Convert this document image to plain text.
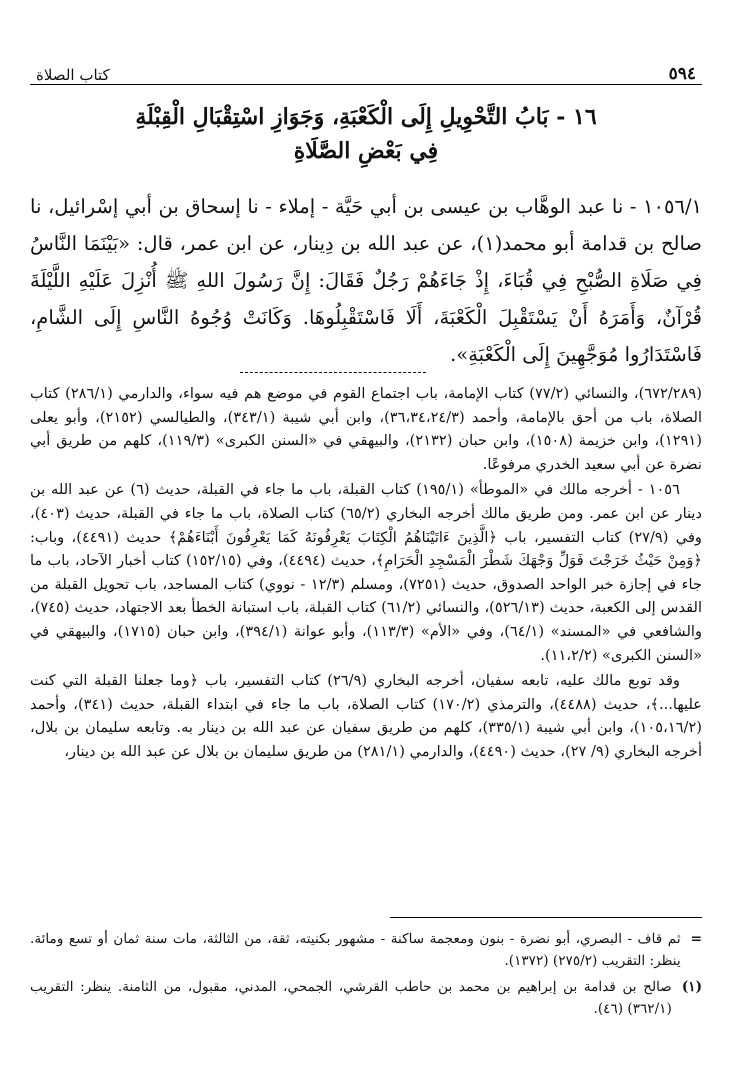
٥٩٤
كتاب الصلاة
١٦ - بَابُ التَّحْوِيلِ إِلَى الْكَعْبَةِ، وَجَوَازِ اسْتِقْبَالِ الْقِبْلَةِ
فِي بَعْضِ الصَّلَاةِ
١٠٥٦/١ - نا عبد الوهَّاب بن عيسى بن أبي حَيَّة - إملاء - نا إسحاق بن أبي إسْرائيل، نا صالح بن قدامة أبو محمد(١)، عن عبد الله بن دِينار، عن ابن عمر، قال: «بَيْنَمَا النَّاسُ فِي صَلَاةِ الصُّبْحِ فِي قُبَاءَ، إِذْ جَاءَهُمْ رَجُلٌ فَقَالَ: إِنَّ رَسُولَ اللهِ ﷺ أُنْزِلَ عَلَيْهِ اللَّيْلَةَ قُرْآنٌ، وَأَمَرَهُ أَنْ يَسْتَقْبِلَ الْكَعْبَةَ، أَلَا فَاسْتَقْبِلُوهَا. وَكَانَتْ وُجُوهُ النَّاسِ إِلَى الشَّامِ، فَاسْتَدَارُوا مُوَجَّهِينَ إِلَى الْكَعْبَةِ».

(٦٧٢/٢٨٩)، والنسائي (٧٧/٢) كتاب الإمامة، باب اجتماع القوم في موضع هم فيه سواء، والدارمي (٢٨٦/١) كتاب الصلاة، باب من أحق بالإمامة، وأحمد (٣٦،٣٤،٢٤/٣)، وابن أبي شيبة (٣٤٣/١)، والطيالسي (٢١٥٢)، وأبو يعلى (١٢٩١)، وابن خزيمة (١٥٠٨)، وابن حبان (٢١٣٢)، والبيهقي في «السنن الكبرى» (١١٩/٣)، كلهم من طريق أبي نضرة عن أبي سعيد الخدري مرفوعًا.

١٠٥٦ - أخرجه مالك في «الموطأ» (١٩٥/١) كتاب القبلة، باب ما جاء في القبلة، حديث (٦) عن عبد الله بن دينار عن ابن عمر. ومن طريق مالك أخرجه البخاري (٦٥/٢) كتاب الصلاة، باب ما جاء في القبلة، حديث (٤٠٣)، وفي (٢٧/٩) كتاب التفسير، باب ﴿الَّذِينَ ءَاتَيْنَاهُمُ الْكِتَابَ يَعْرِفُونَهُ كَمَا يَعْرِفُونَ أَبْنَاءَهُمْ﴾ حديث (٤٤٩١)، وباب: ﴿وَمِنْ حَيْثُ خَرَجْتَ فَوَلِّ وَجْهَكَ شَطْرَ الْمَسْجِدِ الْحَرَامِ﴾، حديث (٤٤٩٤)، وفي (١٥٢/١٥) كتاب أخبار الآحاد، باب ما جاء في إجازة خبر الواحد الصدوق، حديث (٧٢٥١)، ومسلم (١٢/٣ - نووي) كتاب المساجد، باب تحويل القبلة من القدس إلى الكعبة، حديث (٥٢٦/١٣)، والنسائي (٦١/٢) كتاب القبلة، باب استبانة الخطأ بعد الاجتهاد، حديث (٧٤٥)، والشافعي في «المسند» (٦٤/١)، وفي «الأم» (١١٣/٣)، وأبو عوانة (٣٩٤/١)، وابن حبان (١٧١٥)، والبيهقي في «السنن الكبرى» (١١،٢/٢).

وقد توبع مالك عليه، تابعه سفيان، أخرجه البخاري (٢٦/٩) كتاب التفسير، باب ﴿وما جعلنا القبلة التي كنت عليها...﴾، حديث (٤٤٨٨)، والترمذي (١٧٠/٢) كتاب الصلاة، باب ما جاء في ابتداء القبلة، حديث (٣٤١)، وأحمد (١٠٥،١٦/٢)، وابن أبي شيبة (٣٣٥/١)، كلهم من طريق سفيان عن عبد الله بن دينار به. وتابعه سليمان بن بلال، أخرجه البخاري (٩/ ٢٧)، حديث (٤٤٩٠)، والدارمي (٢٨١/١) من طريق سليمان بن بلال عن عبد الله بن دينار،

=
ثم قاف - البصري، أبو نضرة - بنون ومعجمة ساكنة - مشهور بكنيته، ثقة، من الثالثة، مات سنة ثمان أو تسع ومائة. ينظر: التقريب (٢٧٥/٢) (١٣٧٢).
(١)
صالح بن قدامة بن إبراهيم بن محمد بن حاطب القرشي، الجمحي، المدني، مقبول، من الثامنة. ينظر: التقريب (٣٦٢/١) (٤٦).
